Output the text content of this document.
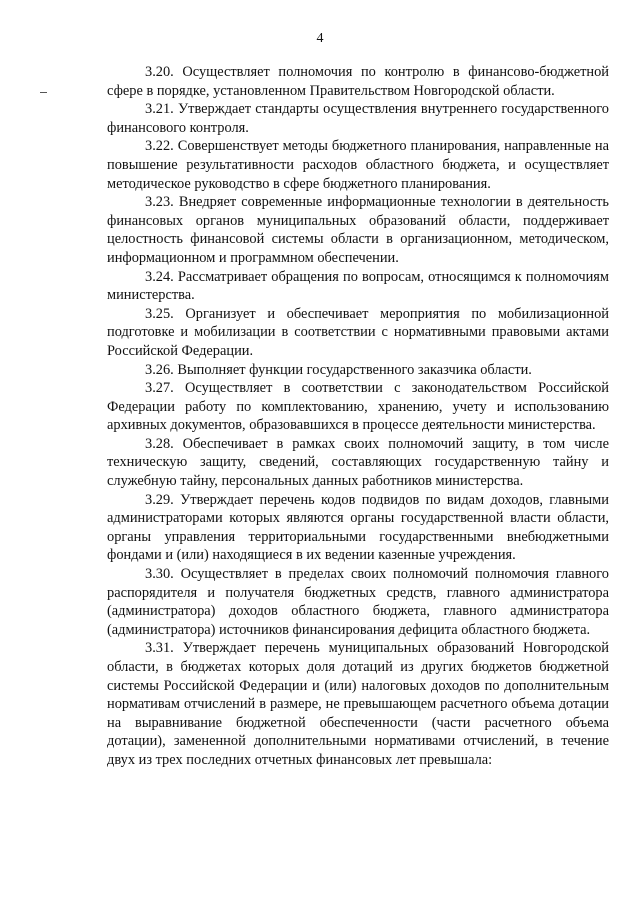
4

3.20. Осуществляет полномочия по контролю в финансово-бюджетной сфере в порядке, установленном Правительством Новгородской области.

3.21. Утверждает стандарты осуществления внутреннего государственного финансового контроля.

3.22. Совершенствует методы бюджетного планирования, направленные на повышение результативности расходов областного бюджета, и осуществляет методическое руководство в сфере бюджетного планирования.

3.23. Внедряет современные информационные технологии в деятельность финансовых органов муниципальных образований области, поддерживает целостность финансовой системы области в организационном, методическом, информационном и программном обеспечении.

3.24. Рассматривает обращения по вопросам, относящимся к полномочиям министерства.

3.25. Организует и обеспечивает мероприятия по мобилизационной подготовке и мобилизации в соответствии с нормативными правовыми актами Российской Федерации.

3.26. Выполняет функции государственного заказчика области.

3.27. Осуществляет в соответствии с законодательством Российской Федерации работу по комплектованию, хранению, учету и использованию архивных документов, образовавшихся в процессе деятельности министерства.

3.28. Обеспечивает в рамках своих полномочий защиту, в том числе техническую защиту, сведений, составляющих государственную тайну и служебную тайну, персональных данных работников министерства.

3.29. Утверждает перечень кодов подвидов по видам доходов, главными администраторами которых являются органы государственной власти области, органы управления территориальными государственными внебюджетными фондами и (или) находящиеся в их ведении казенные учреждения.

3.30. Осуществляет в пределах своих полномочий полномочия главного распорядителя и получателя бюджетных средств, главного администратора (администратора) доходов областного бюджета, главного администратора (администратора) источников финансирования дефицита областного бюджета.

3.31. Утверждает перечень муниципальных образований Новгородской области, в бюджетах которых доля дотаций из других бюджетов бюджетной системы Российской Федерации и (или) налоговых доходов по дополнительным нормативам отчислений в размере, не превышающем расчетного объема дотации на выравнивание бюджетной обеспеченности (части расчетного объема дотации), замененной дополнительными нормативами отчислений, в течение двух из трех последних отчетных финансовых лет превышала:
